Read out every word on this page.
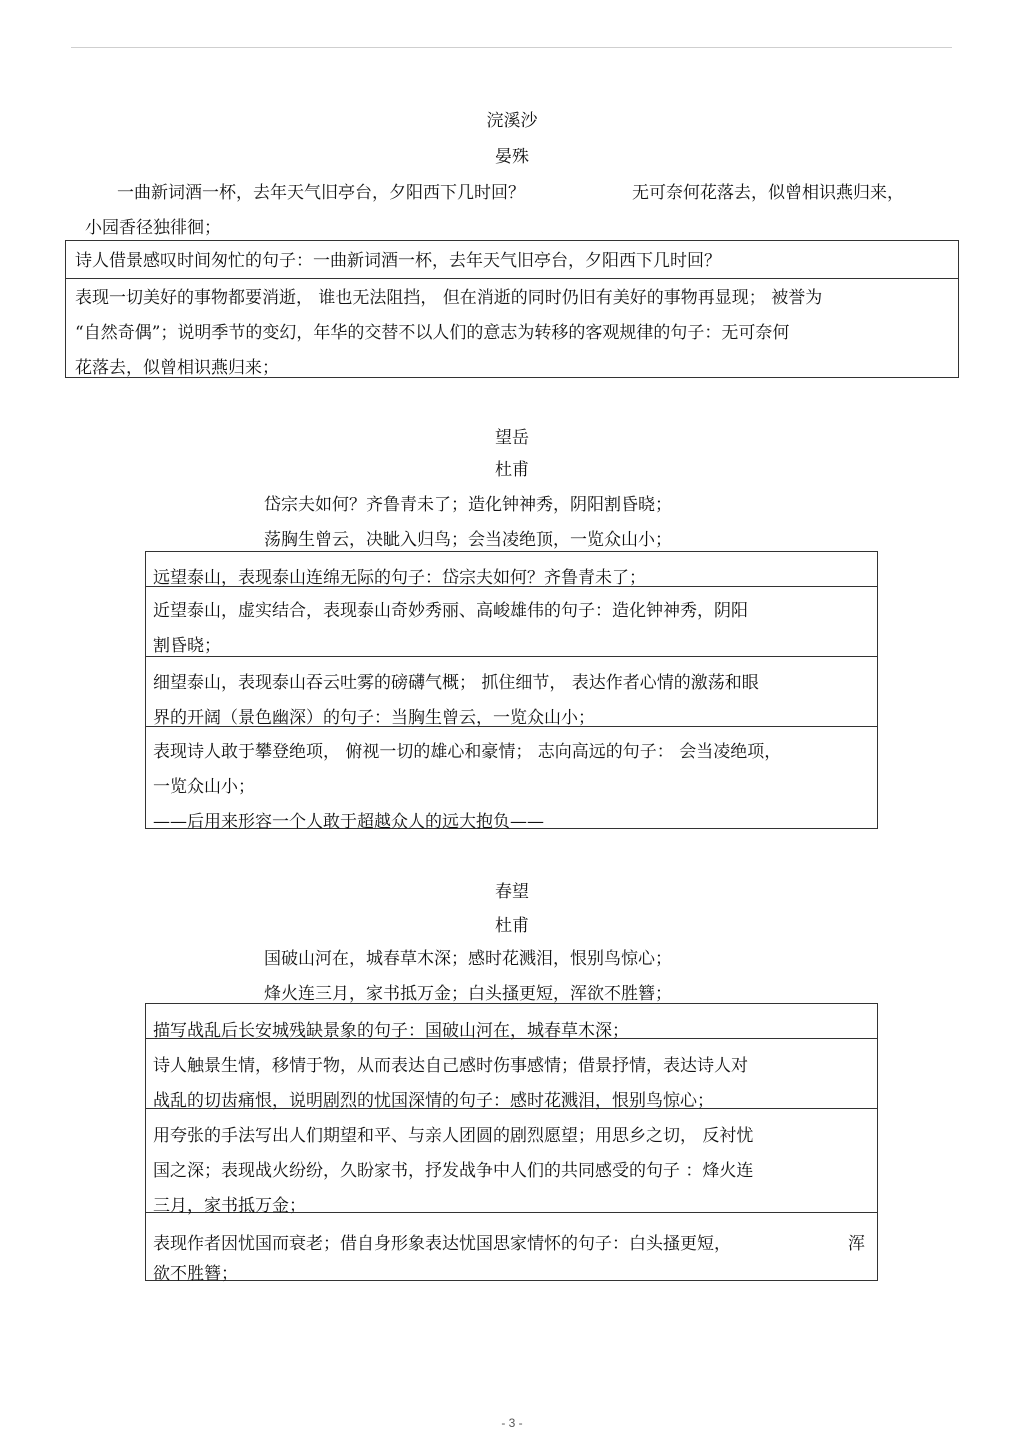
浣溪沙
晏殊
一曲新词酒一杯，去年天气旧亭台，夕阳西下几时回？	无可奈何花落去，似曾相识燕归来，
小园香径独徘徊；
诗人借景感叹时间匆忙的句子：一曲新词酒一杯，去年天气旧亭台，夕阳西下几时回？
表现一切美好的事物都要消逝， 谁也无法阻挡， 但在消逝的同时仍旧有美好的事物再显现； 被誉为
“自然奇偶”；说明季节的变幻，年华的交替不以人们的意志为转移的客观规律的句子：无可奈何
花落去，似曾相识燕归来；
望岳
杜甫
岱宗夫如何？齐鲁青未了；造化钟神秀，阴阳割昏晓；
荡胸生曾云，决眦入归鸟；会当凌绝顶，一览众山小；
远望泰山，表现泰山连绵无际的句子：岱宗夫如何？齐鲁青未了；
近望泰山，虚实结合，表现泰山奇妙秀丽、高峻雄伟的句子：造化钟神秀，阴阳
割昏晓；
细望泰山，表现泰山吞云吐雾的磅礴气概； 抓住细节， 表达作者心情的激荡和眼
界的开阔（景色幽深）的句子：当胸生曾云，一览众山小；
表现诗人敢于攀登绝项， 俯视一切的雄心和豪情； 志向高远的句子： 会当凌绝项，
一览众山小；
——后用来形容一个人敢于超越众人的远大抱负——
春望
杜甫
国破山河在，城春草木深；感时花溅泪，恨别鸟惊心；
烽火连三月，家书抵万金；白头搔更短，浑欲不胜簪；
描写战乱后长安城残缺景象的句子：国破山河在，城春草木深；
诗人触景生情，移情于物，从而表达自己感时伤事感情；借景抒情，表达诗人对
战乱的切齿痛恨，说明剧烈的忧国深情的句子：感时花溅泪，恨别鸟惊心；
用夸张的手法写出人们期望和平、与亲人团圆的剧烈愿望；用思乡之切， 反衬忧
国之深；表现战火纷纷，久盼家书，抒发战争中人们的共同感受的句子 ：烽火连
三月，家书抵万金；
表现作者因忧国而衰老；借自身形象表达忧国思家情怀的句子：白头搔更短，	浑
欲不胜簪；
- 3 -
